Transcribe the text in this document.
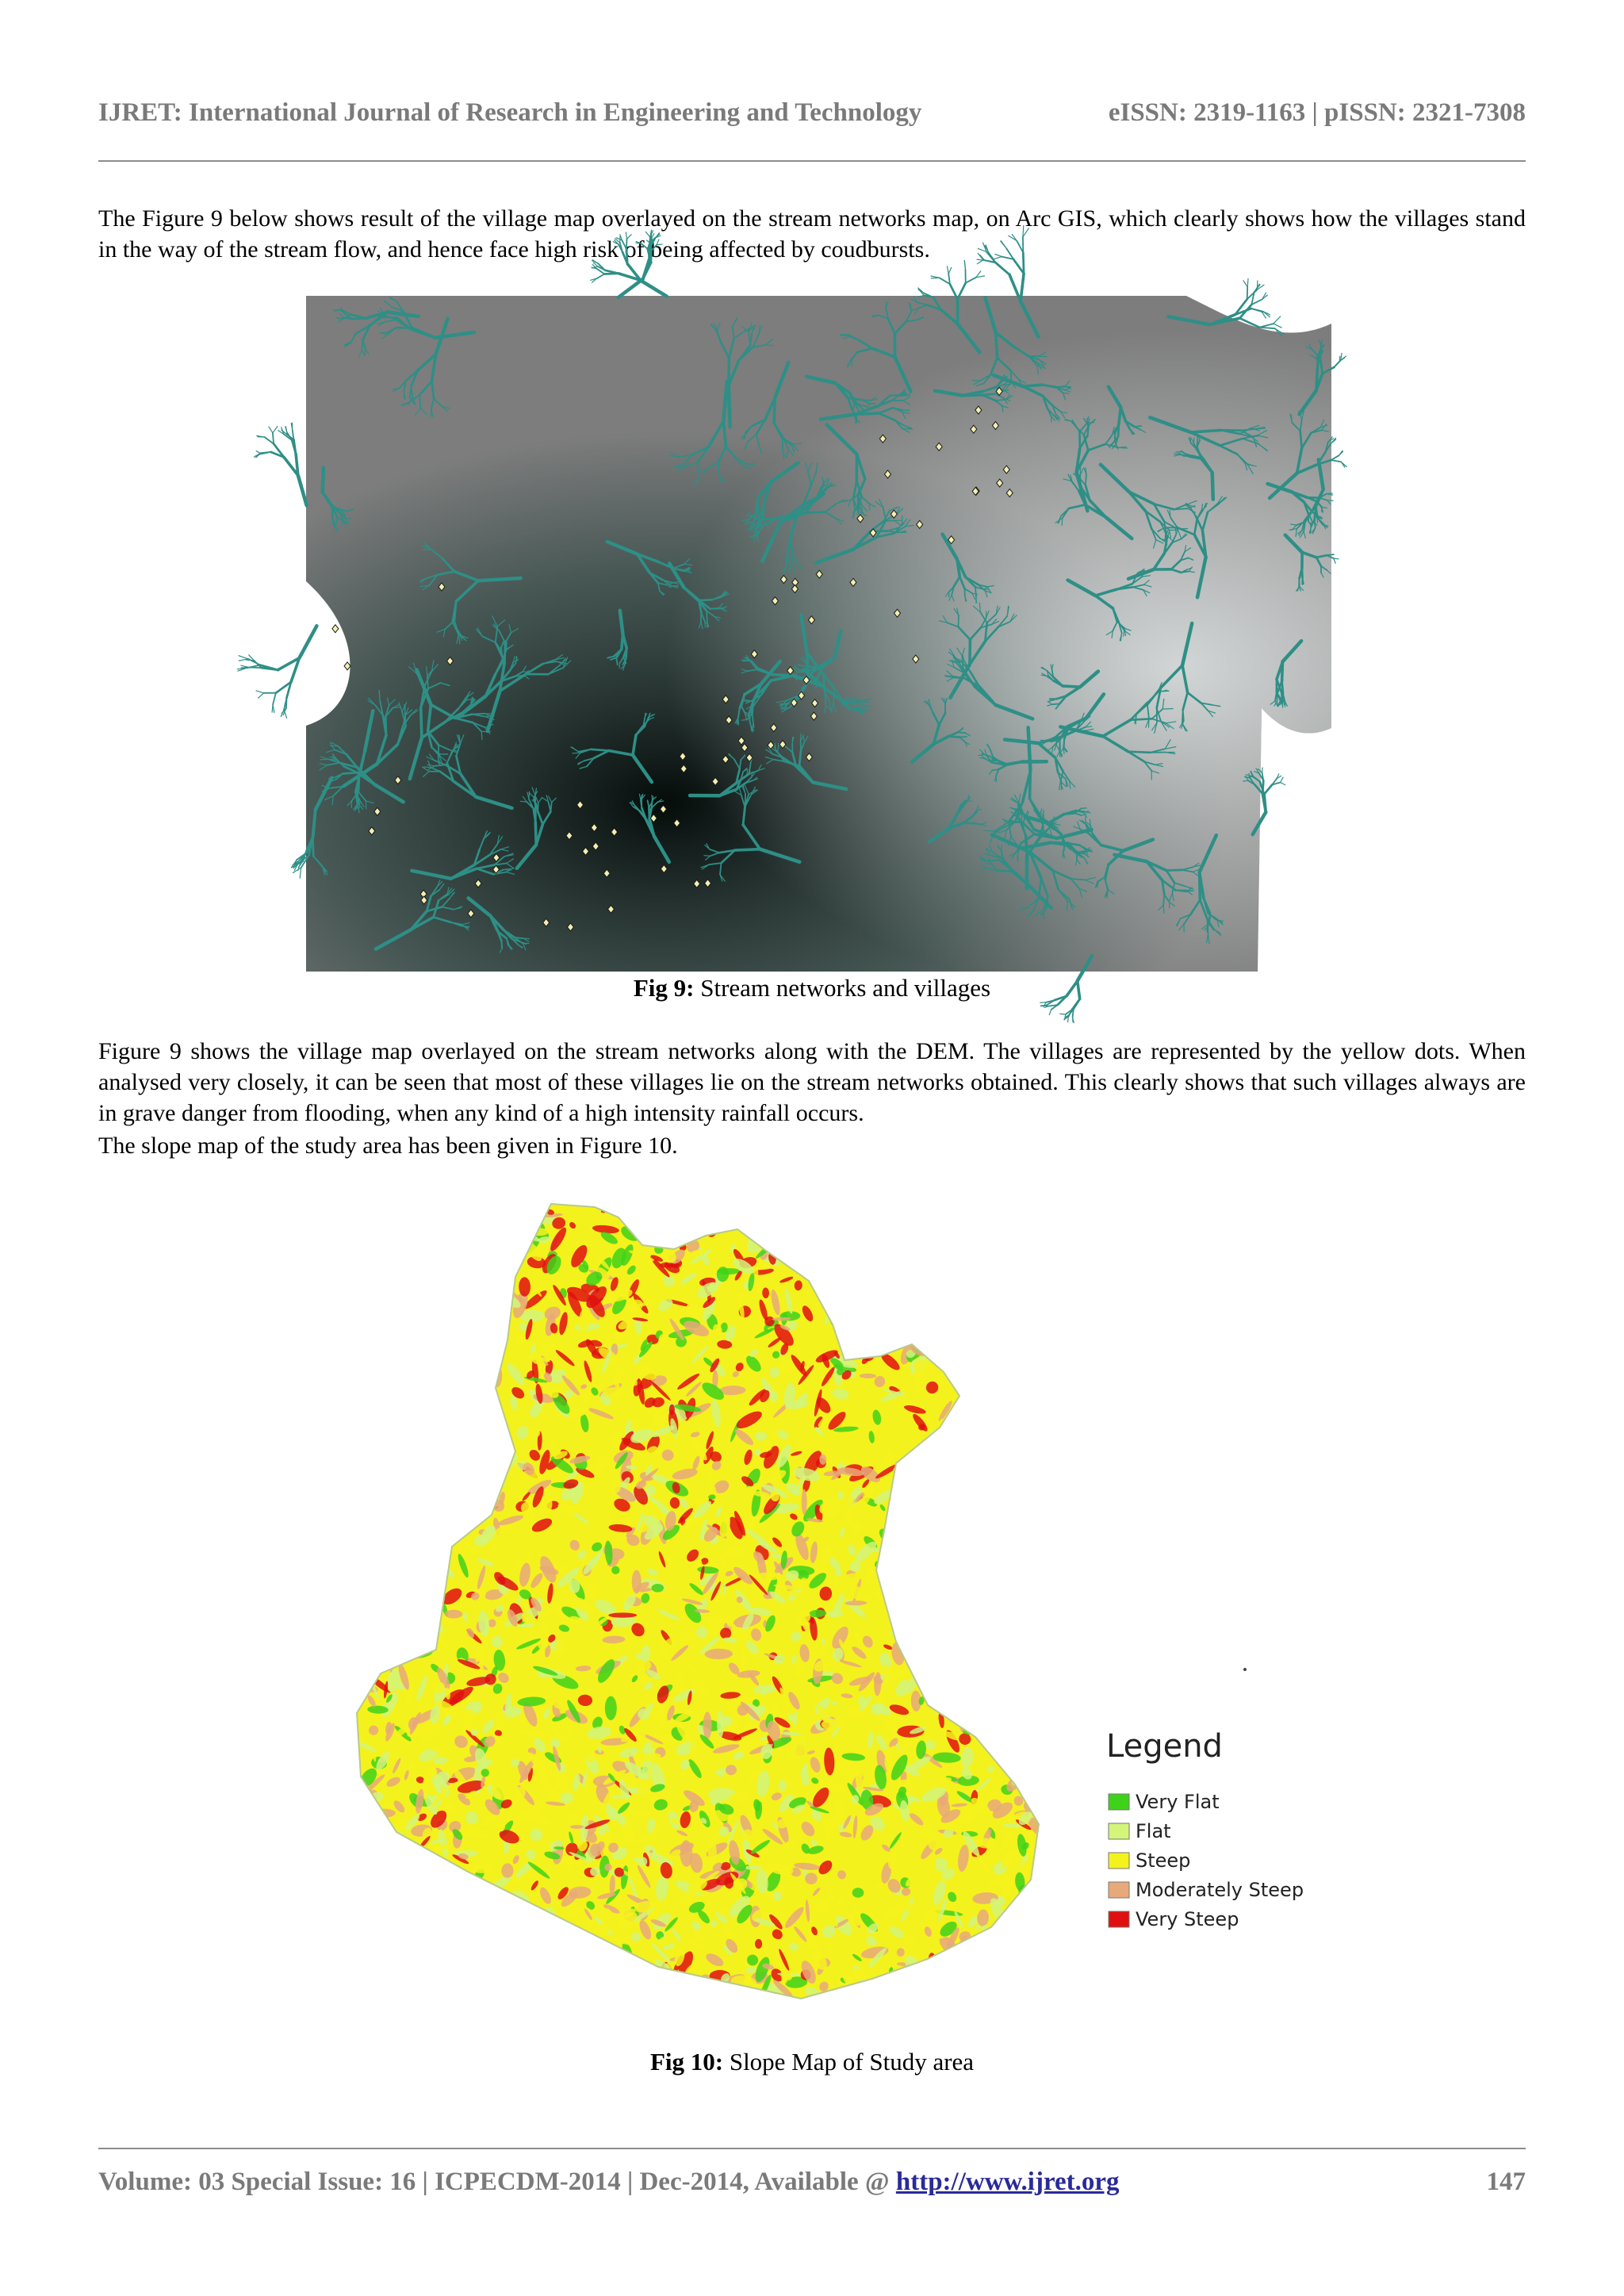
IJRET: International Journal of Research in Engineering and Technology	eISSN: 2319-1163 | pISSN: 2321-7308

The Figure 9 below shows result of the village map overlayed on the stream networks map, on Arc GIS, which clearly shows how the villages stand in the way of the stream flow, and hence face high risk of being affected by coudbursts.

Fig 9: Stream networks and villages

Figure 9 shows the village map overlayed on the stream networks along with the DEM. The villages are represented by the yellow dots. When analysed very closely, it can be seen that most of these villages lie on the stream networks obtained. This clearly shows that such villages always are in grave danger from flooding, when any kind of a high intensity rainfall occurs.

The slope map of the study area has been given in Figure 10.

Legend
Very Flat
Flat
Steep
Moderately Steep
Very Steep
Fig 10: Slope Map of Study area
Volume: 03 Special Issue: 16 | ICPECDM-2014 | Dec-2014, Available @ http://www.ijret.org	147
